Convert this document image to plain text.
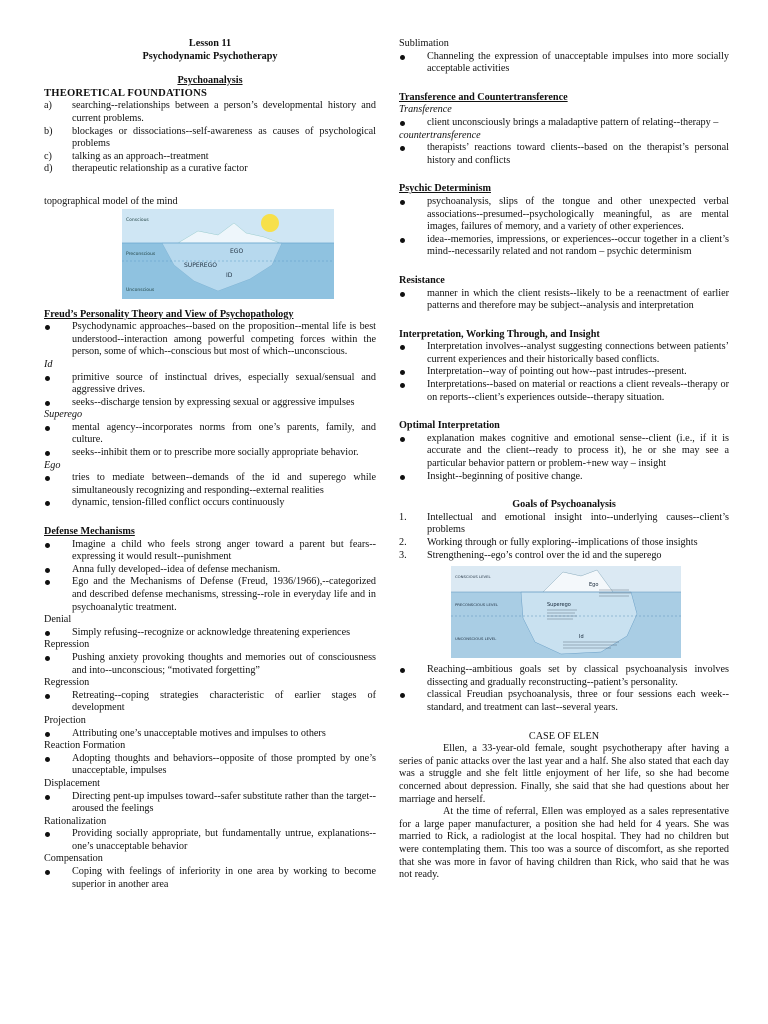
Lesson 11

Psychodynamic Psychotherapy

Psychoanalysis

THEORETICAL FOUNDATIONS

a) searching--relationships between a person’s developmental history and current problems.
b) blockages or dissociations--self-awareness as causes of psychological problems
c) talking as an approach--treatment
d) therapeutic relationship as a curative factor

topographical model of the mind

Conscious
Preconscious
Unconscious
EGO
SUPEREGO
ID

Freud’s Personality Theory and View of Psychopathology

Psychodynamic approaches--based on the proposition--mental life is best understood--interaction among powerful competing forces within the person, some of which--conscious but most of which--unconscious.

Id

primitive source of instinctual drives, especially sexual/sensual and aggressive drives.
seeks--discharge tension by expressing sexual or aggressive impulses

Superego

mental agency--incorporates norms from one’s parents, family, and culture.
seeks--inhibit them or to prescribe more socially appropriate behavior.

Ego

tries to mediate between--demands of the id and superego while simultaneously recognizing and responding--external realities
dynamic, tension-filled conflict occurs continuously

Defense Mechanisms

Imagine a child who feels strong anger toward a parent but fears--expressing it would result--punishment
Anna fully developed--idea of defense mechanism.
Ego and the Mechanisms of Defense (Freud, 1936/1966),--categorized and described defense mechanisms, stressing--role in everyday life and in psychoanalytic treatment.

Denial

Simply refusing--recognize or acknowledge threatening experiences

Repression

Pushing anxiety provoking thoughts and memories out of consciousness and into--unconscious; “motivated forgetting”

Regression

Retreating--coping strategies characteristic of earlier stages of development

Projection

Attributing one’s unacceptable motives and impulses to others

Reaction Formation

Adopting thoughts and behaviors--opposite of those prompted by one’s unacceptable, impulses

Displacement

Directing pent-up impulses toward--safer substitute rather than the target--aroused the feelings

Rationalization

Providing socially appropriate, but fundamentally untrue, explanations--one’s unacceptable behavior

Compensation

Coping with feelings of inferiority in one area by working to become superior in another area

Sublimation

Channeling the expression of unacceptable impulses into more socially acceptable activities

Transference and Countertransference

Transference

client unconsciously brings a maladaptive pattern of relating--therapy –

countertransference

therapists’ reactions toward clients--based on the therapist’s personal history and conflicts

Psychic Determinism

psychoanalysis, slips of the tongue and other unexpected verbal associations--presumed--psychologically meaningful, as are mental images, failures of memory, and a variety of other experiences.
idea--memories, impressions, or experiences--occur together in a client’s mind--necessarily related and not random – psychic determinism

Resistance

manner in which the client resists--likely to be a reenactment of earlier patterns and therefore may be subject--analysis and interpretation

Interpretation, Working Through, and Insight

Interpretation involves--analyst suggesting connections between patients’ current experiences and their historically based conflicts.
Interpretation--way of pointing out how--past intrudes--present.
Interpretations--based on material or reactions a client reveals--therapy or on reports--client’s experiences outside--therapy situation.

Optimal Interpretation

explanation makes cognitive and emotional sense--client (i.e., if it is accurate and the client--ready to process it), he or she may see a particular behavior pattern or problem-+new way – insight
Insight--beginning of positive change.

Goals of Psychoanalysis

1. Intellectual and emotional insight into--underlying causes--client’s problems
2. Working through or fully exploring--implications of those insights
3. Strengthening--ego’s control over the id and the superego
CONSCIOUS LEVEL
PRECONSCIOUS LEVEL
UNCONSCIOUS LEVEL
Ego
Superego
Id
Reaching--ambitious goals set by classical psychoanalysis involves dissecting and gradually reconstructing--patient’s personality.
classical Freudian psychoanalysis, three or four sessions each week--standard, and treatment can last--several years.

CASE OF ELEN

Ellen, a 33-year-old female, sought psychotherapy after having a series of panic attacks over the last year and a half. She also stated that each day was a struggle and she felt little enjoyment of her life, so she had become concerned about depression. Finally, she said that she had questions about her marriage and herself.

At the time of referral, Ellen was employed as a sales representative for a large paper manufacturer, a position she had held for 4 years. She was married to Rick, a radiologist at the local hospital. They had no children but were contemplating them. This too was a source of discomfort, as she reported that she was more in favor of having children than Rick, who said that he was not ready.
